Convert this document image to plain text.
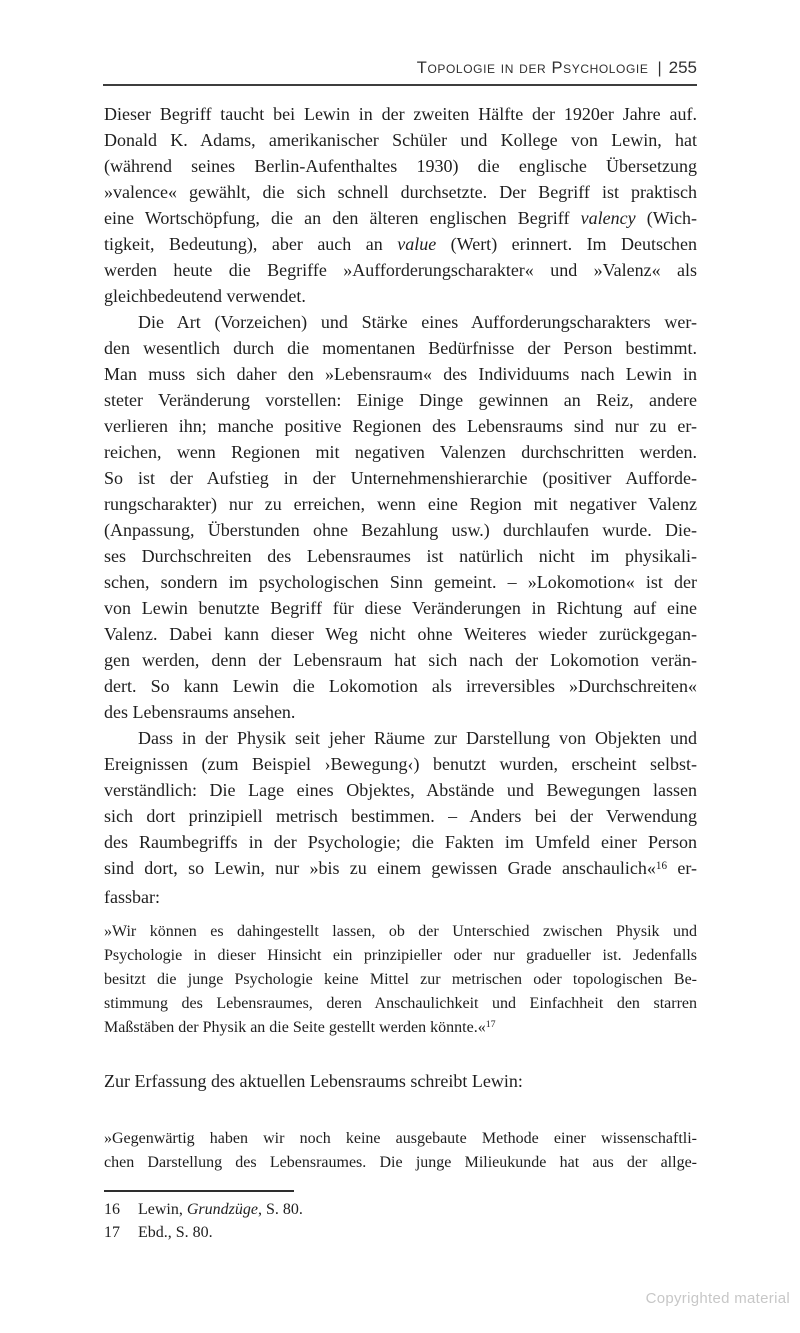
Topologie in der Psychologie | 255
Dieser Begriff taucht bei Lewin in der zweiten Hälfte der 1920er Jahre auf.
Donald K. Adams, amerikanischer Schüler und Kollege von Lewin, hat
(während seines Berlin-Aufenthaltes 1930) die englische Übersetzung
»valence« gewählt, die sich schnell durchsetzte. Der Begriff ist praktisch
eine Wortschöpfung, die an den älteren englischen Begriff valency (Wich-
tigkeit, Bedeutung), aber auch an value (Wert) erinnert. Im Deutschen
werden heute die Begriffe »Aufforderungscharakter« und »Valenz« als
gleichbedeutend verwendet.
Die Art (Vorzeichen) und Stärke eines Aufforderungscharakters wer-
den wesentlich durch die momentanen Bedürfnisse der Person bestimmt.
Man muss sich daher den »Lebensraum« des Individuums nach Lewin in
steter Veränderung vorstellen: Einige Dinge gewinnen an Reiz, andere
verlieren ihn; manche positive Regionen des Lebensraums sind nur zu er-
reichen, wenn Regionen mit negativen Valenzen durchschritten werden.
So ist der Aufstieg in der Unternehmenshierarchie (positiver Aufforde-
rungscharakter) nur zu erreichen, wenn eine Region mit negativer Valenz
(Anpassung, Überstunden ohne Bezahlung usw.) durchlaufen wurde. Die-
ses Durchschreiten des Lebensraumes ist natürlich nicht im physikali-
schen, sondern im psychologischen Sinn gemeint. – »Lokomotion« ist der
von Lewin benutzte Begriff für diese Veränderungen in Richtung auf eine
Valenz. Dabei kann dieser Weg nicht ohne Weiteres wieder zurückgegan-
gen werden, denn der Lebensraum hat sich nach der Lokomotion verän-
dert. So kann Lewin die Lokomotion als irreversibles »Durchschreiten«
des Lebensraums ansehen.
Dass in der Physik seit jeher Räume zur Darstellung von Objekten und
Ereignissen (zum Beispiel ›Bewegung‹) benutzt wurden, erscheint selbst-
verständlich: Die Lage eines Objektes, Abstände und Bewegungen lassen
sich dort prinzipiell metrisch bestimmen. – Anders bei der Verwendung
des Raumbegriffs in der Psychologie; die Fakten im Umfeld einer Person
sind dort, so Lewin, nur »bis zu einem gewissen Grade anschaulich«$^{16}$ er-
fassbar:
»Wir können es dahingestellt lassen, ob der Unterschied zwischen Physik und
Psychologie in dieser Hinsicht ein prinzipieller oder nur gradueller ist. Jedenfalls
besitzt die junge Psychologie keine Mittel zur metrischen oder topologischen Be-
stimmung des Lebensraumes, deren Anschaulichkeit und Einfachheit den starren
Maßstäben der Physik an die Seite gestellt werden könnte.«$^{17}$
Zur Erfassung des aktuellen Lebensraums schreibt Lewin:
»Gegenwärtig haben wir noch keine ausgebaute Methode einer wissenschaftli-
chen Darstellung des Lebensraumes. Die junge Milieukunde hat aus der allge-
16	Lewin, Grundzüge, S. 80.
17	Ebd., S. 80.
Copyrighted material
